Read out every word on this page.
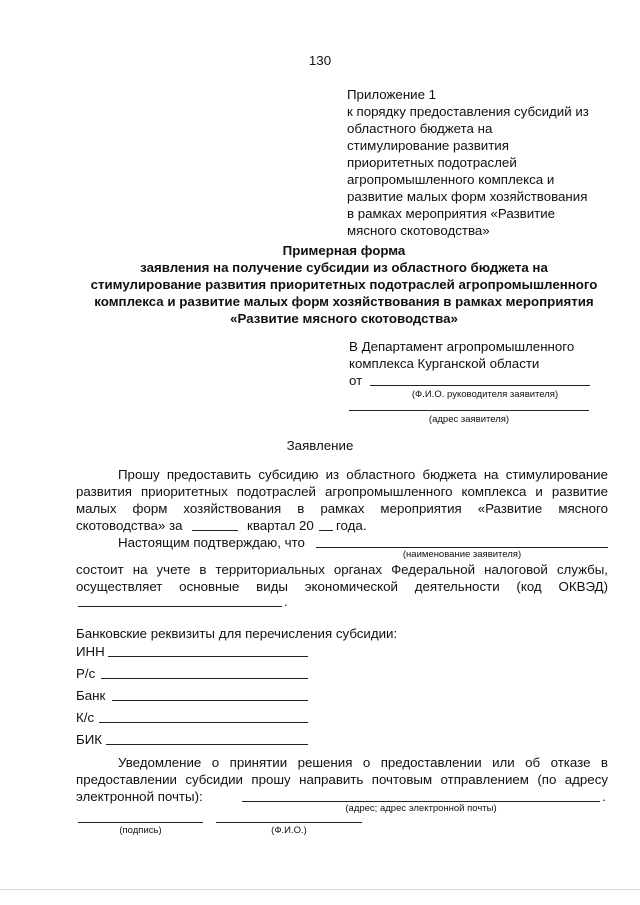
130
Приложение 1
к порядку предоставления субсидий из
областного бюджета на
стимулирование развития
приоритетных подотраслей
агропромышленного комплекса и
развитие малых форм хозяйствования
в рамках мероприятия «Развитие
мясного скотоводства»
Примерная форма
заявления на получение субсидии из областного бюджета на
стимулирование развития приоритетных подотраслей агропромышленного
комплекса и развитие малых форм хозяйствования в рамках мероприятия
«Развитие мясного скотоводства»
В Департамент агропромышленного
комплекса Курганской области
от
(Ф.И.О. руководителя заявителя)
(адрес заявителя)
Заявление
Прошу предоставить субсидию из областного бюджета на стимулирование
развития приоритетных подотраслей агропромышленного комплекса и развитие
малых форм хозяйствования в рамках мероприятия «Развитие мясного
скотоводства» за	квартал 20 года.
Настоящим подтверждаю, что
(наименование заявителя)
состоит на учете в территориальных органах Федеральной налоговой службы,
осуществляет основные виды экономической деятельности (код ОКВЭД)
.
Банковские реквизиты для перечисления субсидии:
ИНН
Р/с
Банк
К/с
БИК
Уведомление о принятии решения о предоставлении или об отказе в
предоставлении субсидии прошу направить почтовым отправлением (по адресу
электронной почты):	.
(адрес; адрес электронной почты)
(подпись)	(Ф.И.О.)
